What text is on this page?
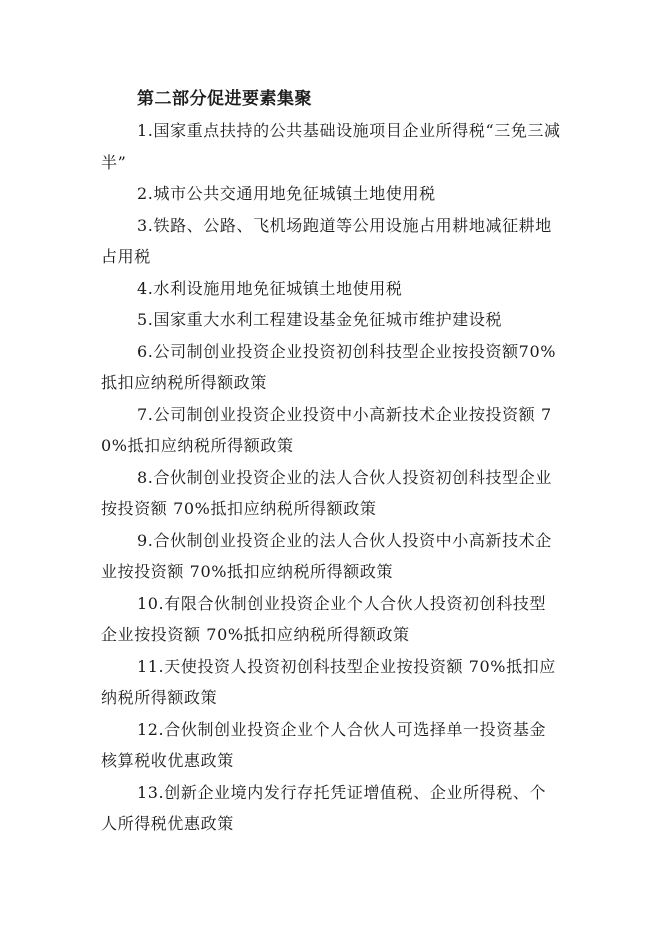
第二部分促进要素集聚

1.国家重点扶持的公共基础设施项目企业所得税“三免三减半”

2.城市公共交通用地免征城镇土地使用税

3.铁路、公路、飞机场跑道等公用设施占用耕地减征耕地占用税

4.水利设施用地免征城镇土地使用税

5.国家重大水利工程建设基金免征城市维护建设税

6.公司制创业投资企业投资初创科技型企业按投资额70%抵扣应纳税所得额政策

7.公司制创业投资企业投资中小高新技术企业按投资额 70%抵扣应纳税所得额政策

8.合伙制创业投资企业的法人合伙人投资初创科技型企业按投资额 70%抵扣应纳税所得额政策

9.合伙制创业投资企业的法人合伙人投资中小高新技术企业按投资额 70%抵扣应纳税所得额政策

10.有限合伙制创业投资企业个人合伙人投资初创科技型企业按投资额 70%抵扣应纳税所得额政策

11.天使投资人投资初创科技型企业按投资额 70%抵扣应纳税所得额政策

12.合伙制创业投资企业个人合伙人可选择单一投资基金核算税收优惠政策

13.创新企业境内发行存托凭证增值税、企业所得税、个人所得税优惠政策
